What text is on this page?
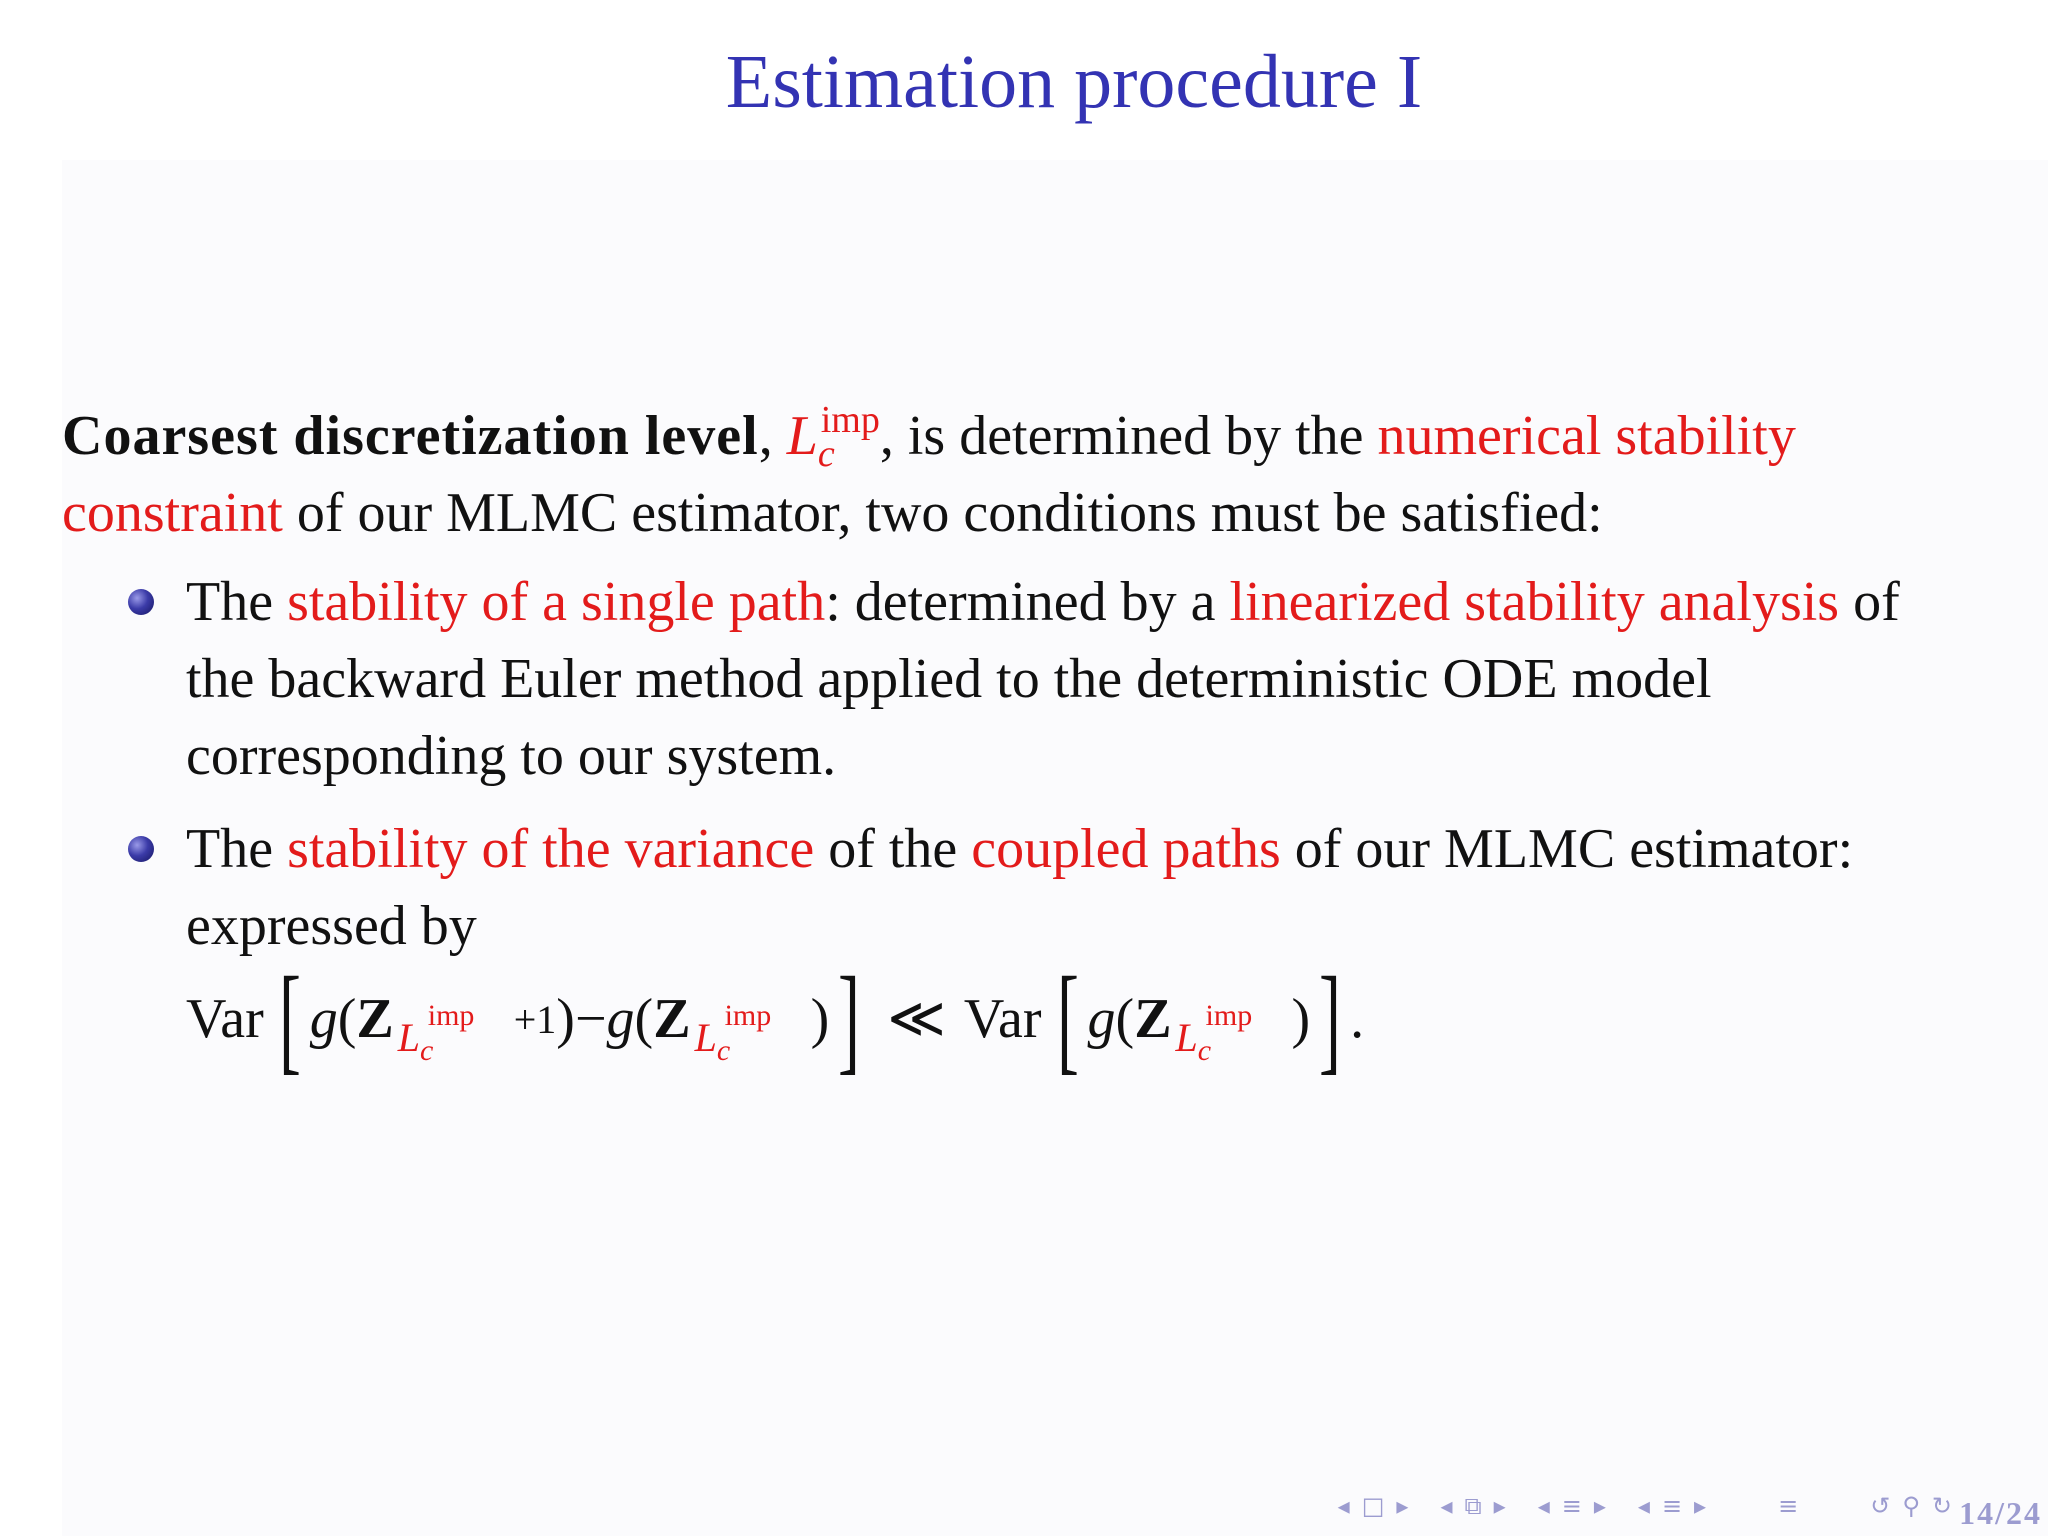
Estimation procedure I
Coarsest discretization level, $L_c^{imp}$, is determined by the numerical stability constraint of our MLMC estimator, two conditions must be satisfied:
The stability of a single path: determined by a linearized stability analysis of the backward Euler method applied to the deterministic ODE model corresponding to our system.
The stability of the variance of the coupled paths of our MLMC estimator: expressed by

Var [ g ( Z $L_c$
imp +1 ) − g ( Z $L_c$
imp ) ] ≪ Var [ g ( Z $L_c$
imp ) ] .
◂ □ ▸ ◂ ⧉ ▸ ◂ ≡ ▸ ◂ ≡ ▸	≡	↺ ⚲ ↻ 14/24
